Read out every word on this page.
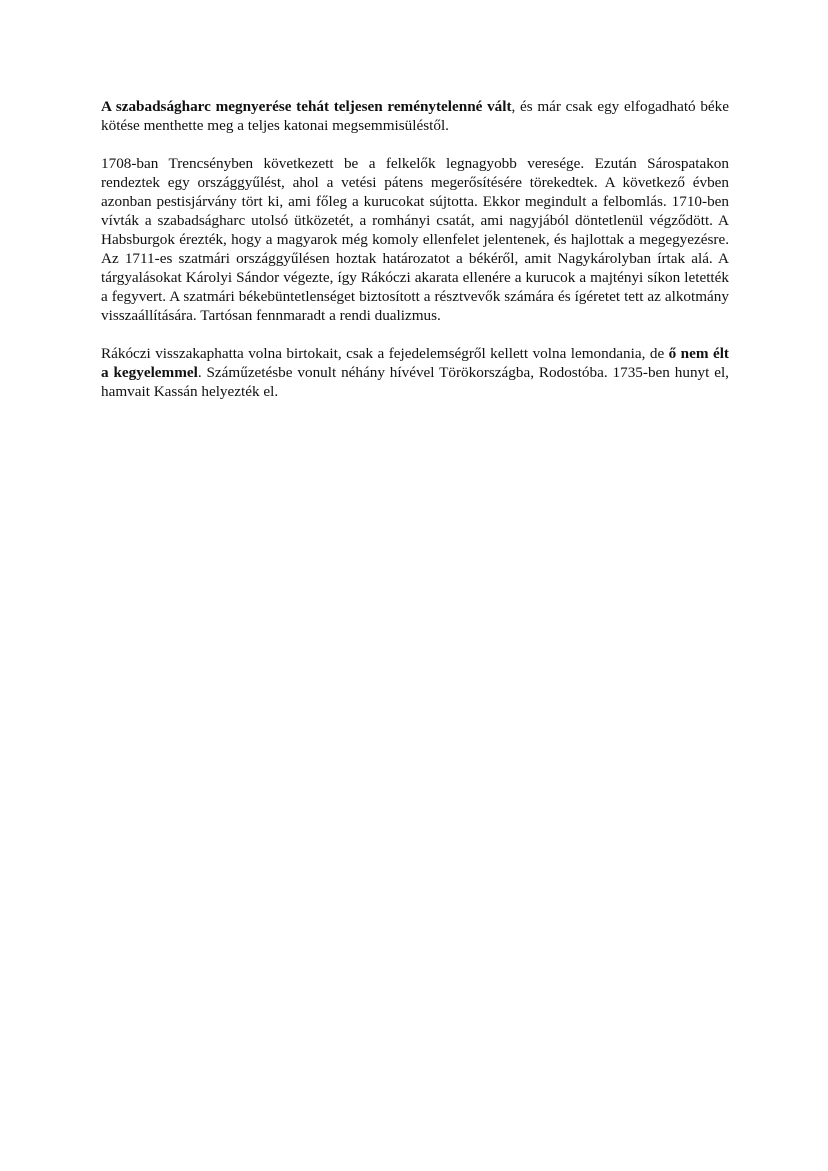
A szabadságharc megnyerése tehát teljesen reménytelenné vált, és már csak egy elfogadható béke kötése menthette meg a teljes katonai megsemmisüléstől.

1708-ban Trencsényben következett be a felkelők legnagyobb veresége. Ezután Sárospatakon rendeztek egy országgyűlést, ahol a vetési pátens megerősítésére törekedtek. A következő évben azonban pestisjárvány tört ki, ami főleg a kurucokat sújtotta. Ekkor megindult a felbomlás. 1710-ben vívták a szabadságharc utolsó ütközetét, a romhányi csatát, ami nagyjából döntetlenül végződött. A Habsburgok érezték, hogy a magyarok még komoly ellenfelet jelentenek, és hajlottak a megegyezésre. Az 1711-es szatmári országgyűlésen hoztak határozatot a békéről, amit Nagykárolyban írtak alá. A tárgyalásokat Károlyi Sándor végezte, így Rákóczi akarata ellenére a kurucok a majtényi síkon letették a fegyvert. A szatmári békebüntetlenséget biztosított a résztvevők számára és ígéretet tett az alkotmány visszaállítására. Tartósan fennmaradt a rendi dualizmus.

Rákóczi visszakaphatta volna birtokait, csak a fejedelemségről kellett volna lemondania, de ő nem élt a kegyelemmel. Száműzetésbe vonult néhány hívével Törökországba, Rodostóba. 1735-ben hunyt el, hamvait Kassán helyezték el.
